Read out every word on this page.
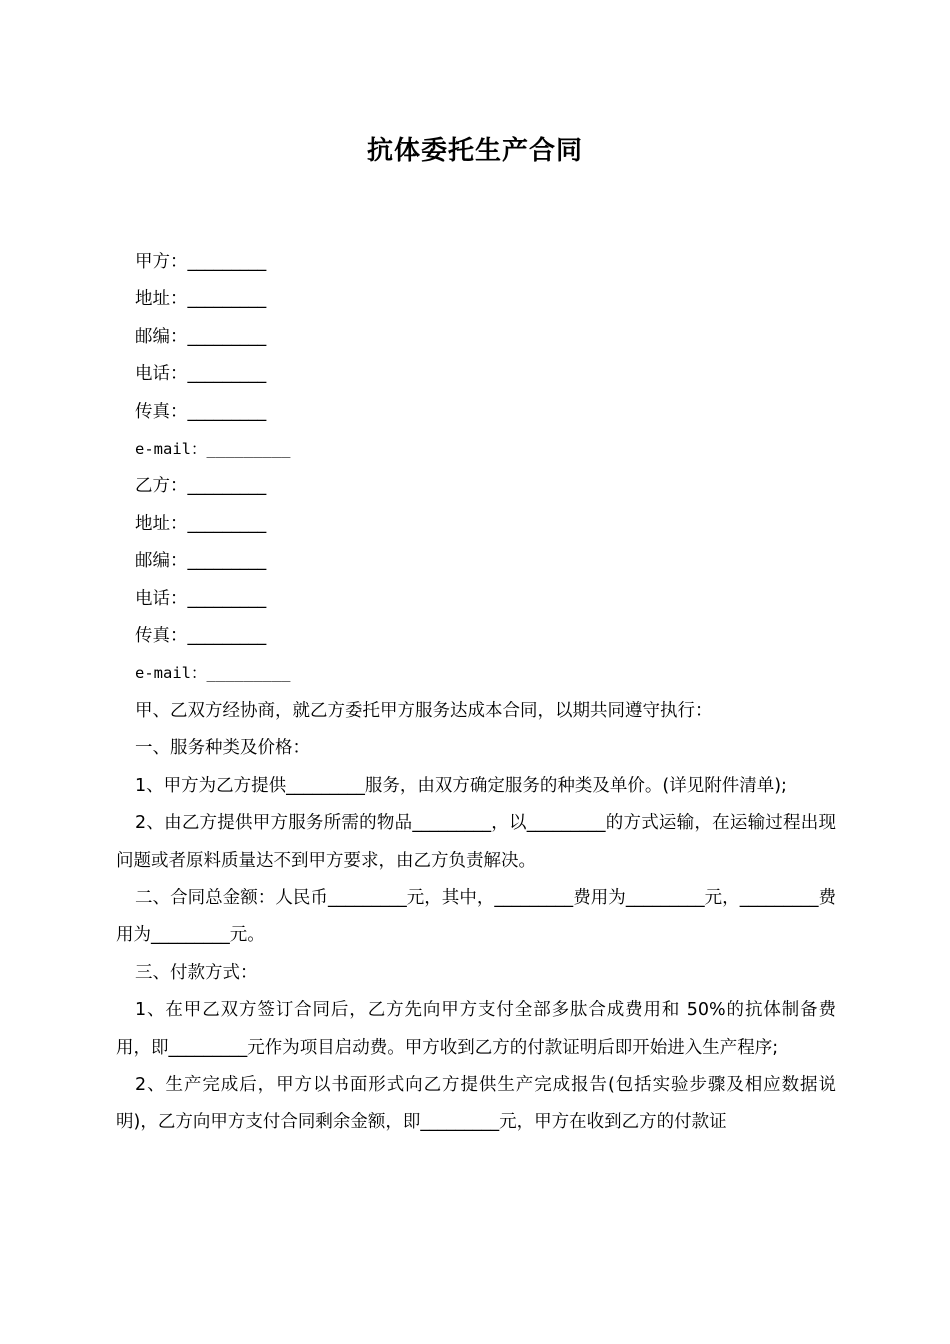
抗体委托生产合同
甲方：_________
地址：_________
邮编：_________
电话：_________
传真：_________
e-mail：_________
乙方：_________
地址：_________
邮编：_________
电话：_________
传真：_________
e-mail：_________
甲、乙双方经协商，就乙方委托甲方服务达成本合同，以期共同遵守执行：
一、服务种类及价格：
1、甲方为乙方提供_________服务，由双方确定服务的种类及单价。(详见附件清单);
2、由乙方提供甲方服务所需的物品_________，以_________的方式运输，在运输过程出现问题或者原料质量达不到甲方要求，由乙方负责解决。
二、合同总金额：人民币_________元，其中，_________费用为_________元，_________费用为_________元。
三、付款方式：
1、在甲乙双方签订合同后，乙方先向甲方支付全部多肽合成费用和 50%的抗体制备费用，即_________元作为项目启动费。甲方收到乙方的付款证明后即开始进入生产程序;
2、生产完成后，甲方以书面形式向乙方提供生产完成报告(包括实验步骤及相应数据说明)，乙方向甲方支付合同剩余金额，即_________元，甲方在收到乙方的付款证
